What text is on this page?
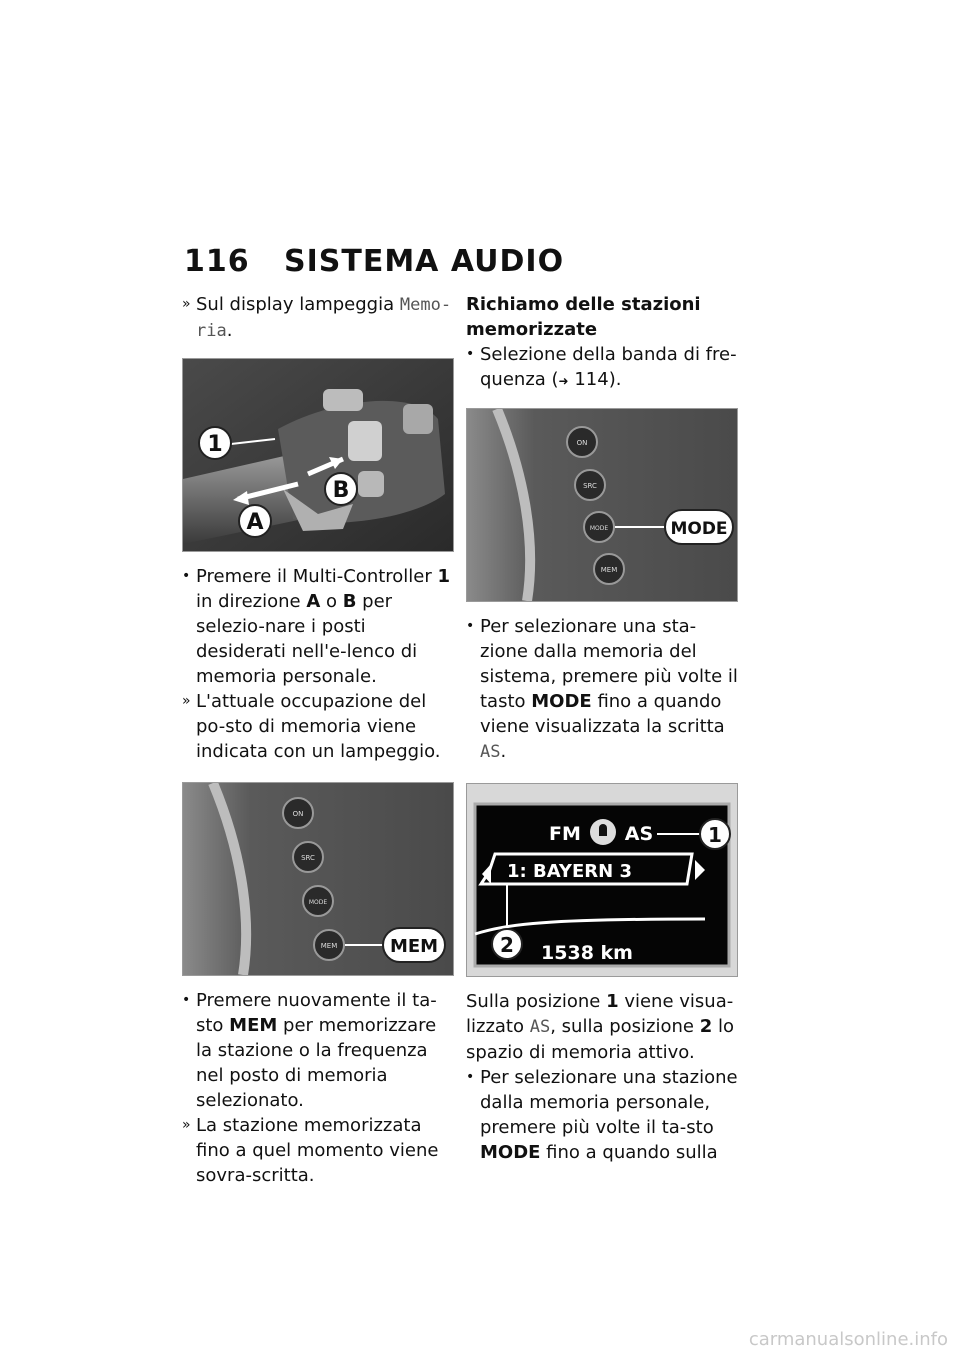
116 SISTEMA AUDIO

» Sul display lampeggia Memo-
ria.

1
B
A

• Premere il Multi-Controller 1 in direzione A o B per selezio-nare i posti desiderati nell'e-lenco di memoria personale.

» L'attuale occupazione del po-sto di memoria viene indicata con un lampeggio.

ON
SRC
MODE
MEM	MEM

• Premere nuovamente il ta-sto MEM per memorizzare la stazione o la frequenza nel posto di memoria selezionato.

» La stazione memorizzata fino a quel momento viene sovra-scritta.

Richiamo delle stazioni memorizzate

• Selezione della banda di fre-quenza (➜ 114).

ON
SRC
MODE
MEM
MODE

• Per selezionare una sta-zione dalla memoria del sistema, premere più volte il tasto MODE fino a quando viene visualizzata la scritta AS.

FM AS	1
1: BAYERN 3
2 1538 km

Sulla posizione 1 viene visua-lizzato AS, sulla posizione 2 lo spazio di memoria attivo.

• Per selezionare una stazione dalla memoria personale, premere più volte il ta-sto MODE fino a quando sulla

carmanualsonline.info
